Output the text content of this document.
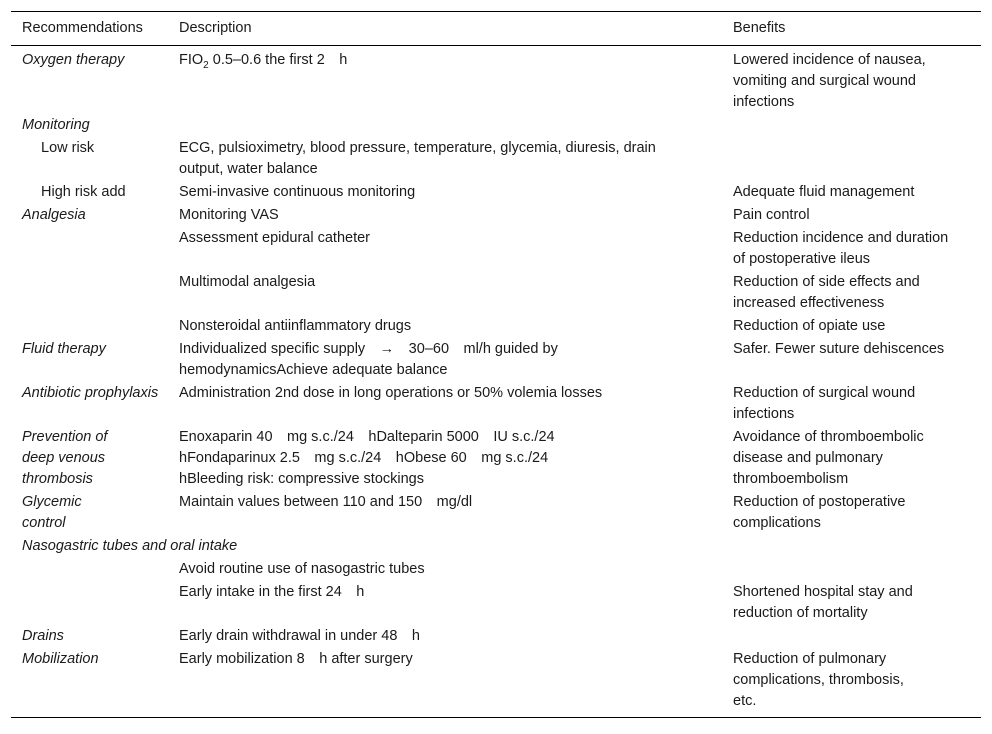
Recommendations	Description	Benefits
Oxygen therapy	$FIO_2$ 0.5–0.6 the first 2    h	Lowered incidence of nausea, vomiting and surgical wound infections
Monitoring		
Low risk	ECG, pulsioximetry, blood pressure, temperature, glycemia, diuresis, drain output, water balance	
High risk add	Semi-invasive continuous monitoring	Adequate fluid management
Analgesia	Monitoring VAS	Pain control
	Assessment epidural catheter	Reduction incidence and duration of postoperative ileus
	Multimodal analgesia	Reduction of side effects and increased effectiveness
	Nonsteroidal antiinflammatory drugs	Reduction of opiate use
Fluid therapy	Individualized specific supply    →    30–60    ml/h guided by hemodynamicsAchieve adequate balance	Safer. Fewer suture dehiscences
Antibiotic prophylaxis	Administration 2nd dose in long operations or 50% volemia losses	Reduction of surgical wound infections
Prevention of deep venous thrombosis	Enoxaparin 40    mg s.c./24    hDalteparin 5000    IU s.c./24    hFondaparinux 2.5    mg s.c./24    hObese 60    mg s.c./24    hBleeding risk: compressive stockings	Avoidance of thromboembolic disease and pulmonary thromboembolism
Glycemic control	Maintain values between 110 and 150    mg/dl	Reduction of postoperative complications
Nasogastric tubes and oral intake		
	Avoid routine use of nasogastric tubes	
	Early intake in the first 24    h	Shortened hospital stay and reduction of mortality
Drains	Early drain withdrawal in under 48    h	
Mobilization	Early mobilization 8    h after surgery	Reduction of pulmonary complications, thrombosis, etc.
